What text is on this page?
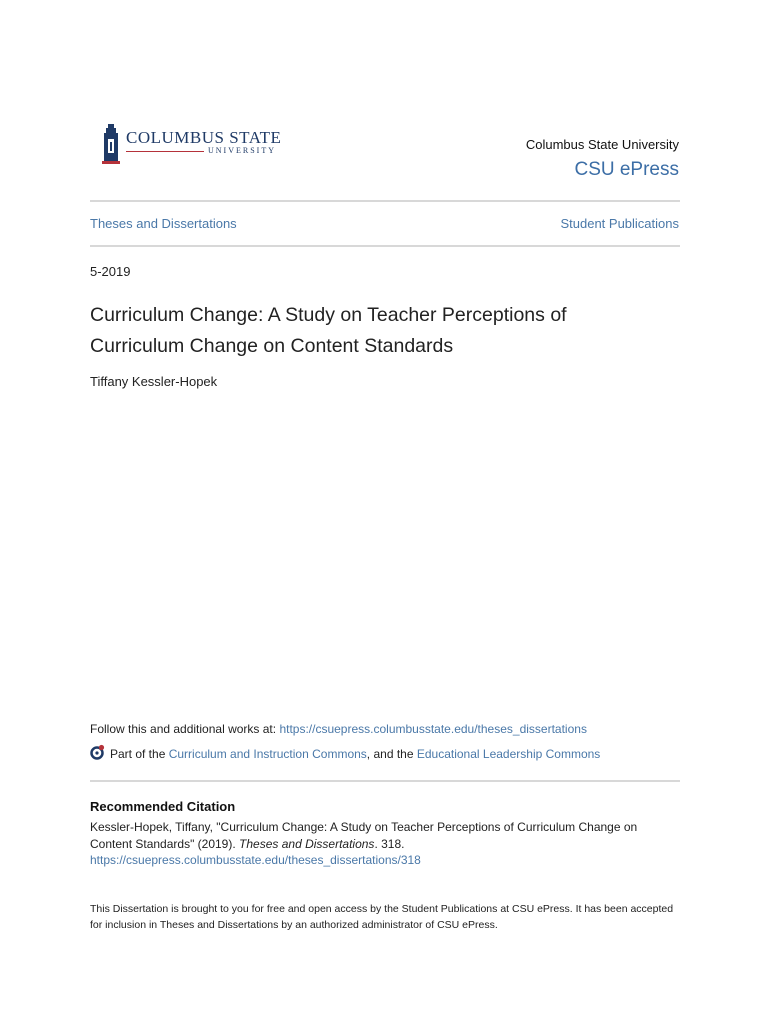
COLUMBUS STATE
UNIVERSITY	Columbus State University
CSU ePress
Theses and Dissertations	Student Publications
5-2019
Curriculum Change: A Study on Teacher Perceptions of Curriculum Change on Content Standards
Tiffany Kessler-Hopek
Follow this and additional works at: https://csuepress.columbusstate.edu/theses_dissertations
Part of the
Curriculum and Instruction Commons , and the
Educational Leadership Commons
Recommended Citation
Kessler-Hopek, Tiffany, "Curriculum Change: A Study on Teacher Perceptions of Curriculum Change on Content Standards" (2019). Theses and Dissertations. 318.
https://csuepress.columbusstate.edu/theses_dissertations/318
This Dissertation is brought to you for free and open access by the Student Publications at CSU ePress. It has been accepted for inclusion in Theses and Dissertations by an authorized administrator of CSU ePress.
